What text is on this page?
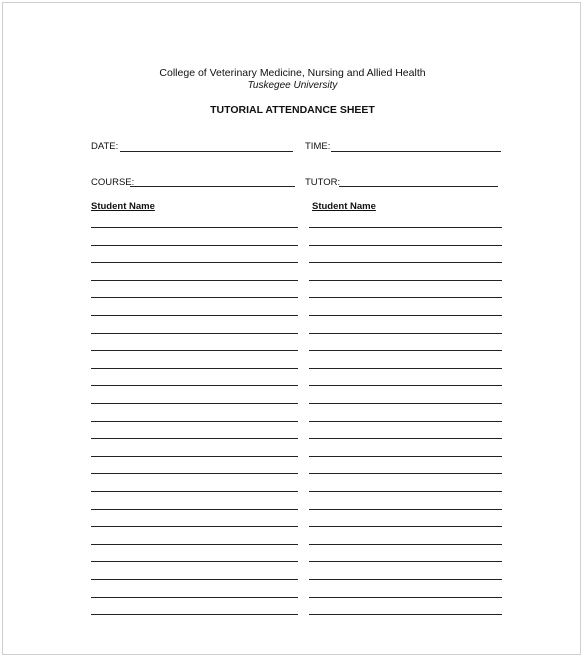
College of Veterinary Medicine, Nursing and Allied Health
Tuskegee University
TUTORIAL ATTENDANCE SHEET
DATE:	TIME:
COURSE:	TUTOR:
Student Name	Student Name
